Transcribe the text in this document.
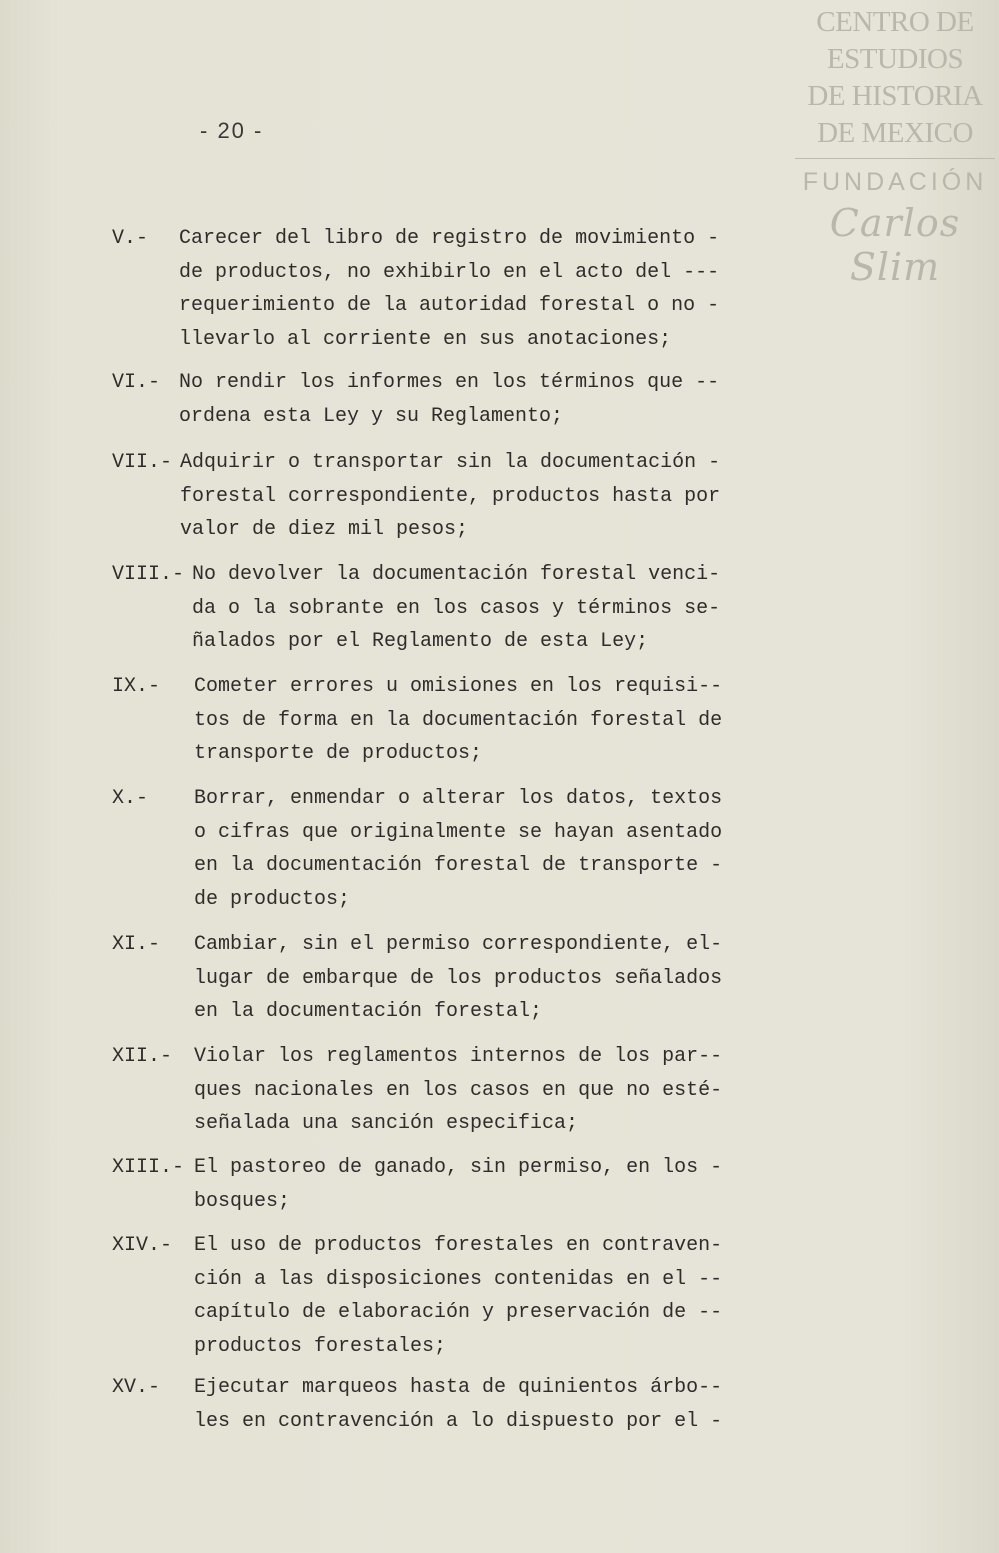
CENTRO DE
ESTUDIOS
DE HISTORIA
DE MEXICO
FUNDACIÓN
Carlos Slim
- 20 -

V.-

Carecer del libro de registro de movimiento -

de productos, no exhibirlo en el acto del ---

requerimiento de la autoridad forestal o no -

llevarlo al corriente en sus anotaciones;

VI.-

No rendir los informes en los términos que --

ordena esta Ley y su Reglamento;

VII.-

Adquirir o transportar sin la documentación -

forestal correspondiente, productos hasta por

valor de diez mil pesos;

VIII.-

No devolver la documentación forestal venci-

da o la sobrante en los casos y términos se-

ñalados por el Reglamento de esta Ley;

IX.-

Cometer errores u omisiones en los requisi--

tos de forma en la documentación forestal de

transporte de productos;

X.-

Borrar, enmendar o alterar los datos, textos

o cifras que originalmente se hayan asentado

en la documentación forestal de transporte -

de productos;

XI.-

Cambiar, sin el permiso correspondiente, el-

lugar de embarque de los productos señalados

en la documentación forestal;

XII.-

Violar los reglamentos internos de los par--

ques nacionales en los casos en que no esté-

señalada una sanción especifica;

XIII.-

El pastoreo de ganado, sin permiso, en los -

bosques;

XIV.-

El uso de productos forestales en contraven-

ción a las disposiciones contenidas en el --

capítulo de elaboración y preservación de --

productos forestales;

XV.-

Ejecutar marqueos hasta de quinientos árbo--

les en contravención a lo dispuesto por el -
